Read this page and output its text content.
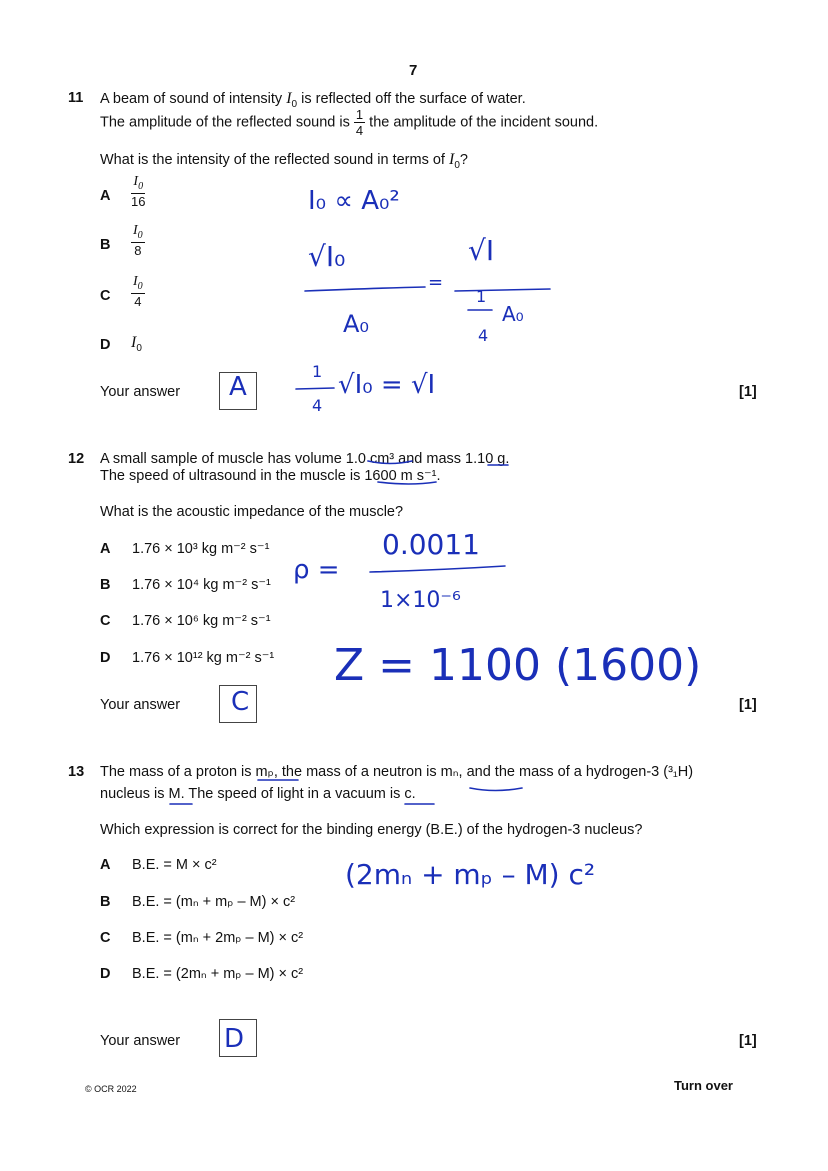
7
11 A beam of sound of intensity $I_0$ is reflected off the surface of water.
The amplitude of the reflected sound is $\frac{1}{4}$ the amplitude of the incident sound.
What is the intensity of the reflected sound in terms of $I_0$?
A $\frac{I_0}{16}$
B $\frac{I_0}{8}$
C $\frac{I_0}{4}$
D $I_0$
Your answer A	[1]
I₀ ∝ A₀²
√I₀
=
√I
A₀
1
4
A₀
1
4
√I₀ = √I
12 A small sample of muscle has volume 1.0 cm³ and mass 1.10 g.
The speed of ultrasound in the muscle is 1600 m s⁻¹.
What is the acoustic impedance of the muscle?
A 1.76 × 10³ kg m⁻² s⁻¹
B 1.76 × 10⁴ kg m⁻² s⁻¹
C 1.76 × 10⁶ kg m⁻² s⁻¹
D 1.76 × 10¹² kg m⁻² s⁻¹
Your answer C	[1]
ρ =
0.0011
1×10⁻⁶
Z = 1100 (1600)
13 The mass of a proton is mₚ, the mass of a neutron is mₙ, and the mass of a hydrogen-3 (³₁H)
nucleus is M. The speed of light in a vacuum is c.
Which expression is correct for the binding energy (B.E.) of the hydrogen-3 nucleus?
A B.E. = M × c²
B B.E. = (mₙ + mₚ – M) × c²
C B.E. = (mₙ + 2mₚ – M) × c²
D B.E. = (2mₙ + mₚ – M) × c²
Your answer D	[1]
(2mₙ + mₚ – M) c²
© OCR 2022	Turn over
